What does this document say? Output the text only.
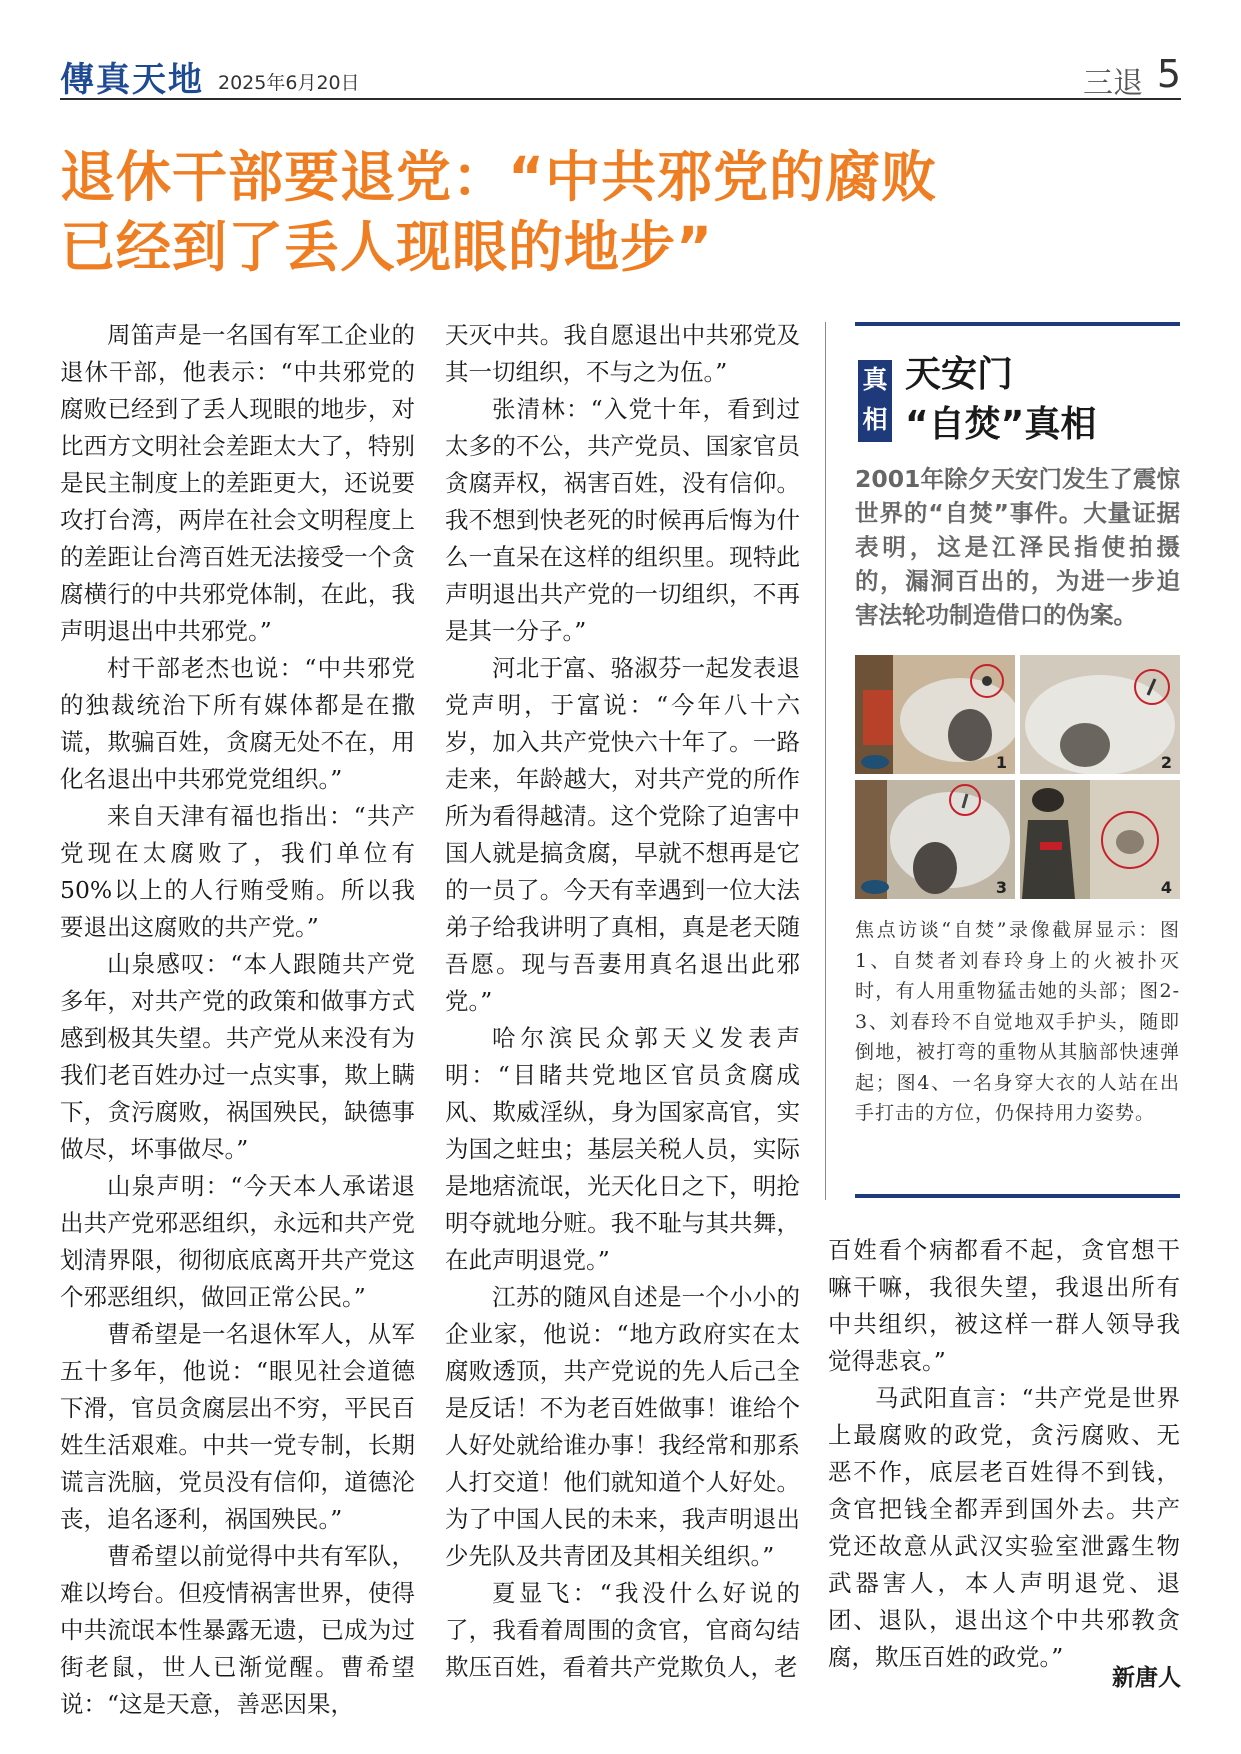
傳真天地 2025年6月20日	三退 5
退休干部要退党：“中共邪党的腐败
已经到了丢人现眼的地步”

周笛声是一名国有军工企业的退休干部，他表示：“中共邪党的腐败已经到了丢人现眼的地步，对比西方文明社会差距太大了，特别是民主制度上的差距更大，还说要攻打台湾，两岸在社会文明程度上的差距让台湾百姓无法接受一个贪腐横行的中共邪党体制，在此，我声明退出中共邪党。”

村干部老杰也说：“中共邪党的独裁统治下所有媒体都是在撒谎，欺骗百姓，贪腐无处不在，用化名退出中共邪党党组织。”

来自天津有福也指出：“共产党现在太腐败了，我们单位有50%以上的人行贿受贿。所以我要退出这腐败的共产党。”

山泉感叹：“本人跟随共产党多年，对共产党的政策和做事方式感到极其失望。共产党从来没有为我们老百姓办过一点实事，欺上瞒下，贪污腐败，祸国殃民，缺德事做尽，坏事做尽。”

山泉声明：“今天本人承诺退出共产党邪恶组织，永远和共产党划清界限，彻彻底底离开共产党这个邪恶组织，做回正常公民。”

曹希望是一名退休军人，从军五十多年，他说：“眼见社会道德下滑，官员贪腐层出不穷，平民百姓生活艰难。中共一党专制，长期谎言洗脑，党员没有信仰，道德沦丧，追名逐利，祸国殃民。”

曹希望以前觉得中共有军队，难以垮台。但疫情祸害世界，使得中共流氓本性暴露无遗，已成为过街老鼠，世人已渐觉醒。曹希望说：“这是天意，善恶因果，

天灭中共。我自愿退出中共邪党及其一切组织，不与之为伍。”

张清林：“入党十年，看到过太多的不公，共产党员、国家官员贪腐弄权，祸害百姓，没有信仰。我不想到快老死的时候再后悔为什么一直呆在这样的组织里。现特此声明退出共产党的一切组织，不再是其一分子。”

河北于富、骆淑芬一起发表退党声明，于富说：“今年八十六岁，加入共产党快六十年了。一路走来，年龄越大，对共产党的所作所为看得越清。这个党除了迫害中国人就是搞贪腐，早就不想再是它的一员了。今天有幸遇到一位大法弟子给我讲明了真相，真是老天随吾愿。现与吾妻用真名退出此邪党。”

哈尔滨民众郭天义发表声明：“目睹共党地区官员贪腐成风、欺威淫纵，身为国家高官，实为国之蛀虫；基层关税人员，实际是地痞流氓，光天化日之下，明抢明夺就地分赃。我不耻与其共舞，在此声明退党。”

江苏的随风自述是一个小小的企业家，他说：“地方政府实在太腐败透顶，共产党说的先人后己全是反话！不为老百姓做事！谁给个人好处就给谁办事！我经常和那系人打交道！他们就知道个人好处。为了中国人民的未来，我声明退出少先队及共青团及其相关组织。”

夏显飞：“我没什么好说的了，我看着周围的贪官，官商勾结欺压百姓，看着共产党欺负人，老

真
相
天安门
“自焚”真相
2001年除夕天安门发生了震惊世界的“自焚”事件。大量证据表明，这是江泽民指使拍摄的，漏洞百出的，为进一步迫害法轮功制造借口的伪案。
1	2
3	4
焦点访谈“自焚”录像截屏显示：图1、自焚者刘春玲身上的火被扑灭时，有人用重物猛击她的头部；图2-3、刘春玲不自觉地双手护头，随即倒地，被打弯的重物从其脑部快速弹起；图4、一名身穿大衣的人站在出手打击的方位，仍保持用力姿势。

百姓看个病都看不起，贪官想干嘛干嘛，我很失望，我退出所有中共组织，被这样一群人领导我觉得悲哀。”

马武阳直言：“共产党是世界上最腐败的政党，贪污腐败、无恶不作，底层老百姓得不到钱，贪官把钱全都弄到国外去。共产党还故意从武汉实验室泄露生物武器害人，本人声明退党、退团、退队，退出这个中共邪教贪腐，欺压百姓的政党。”

新唐人
